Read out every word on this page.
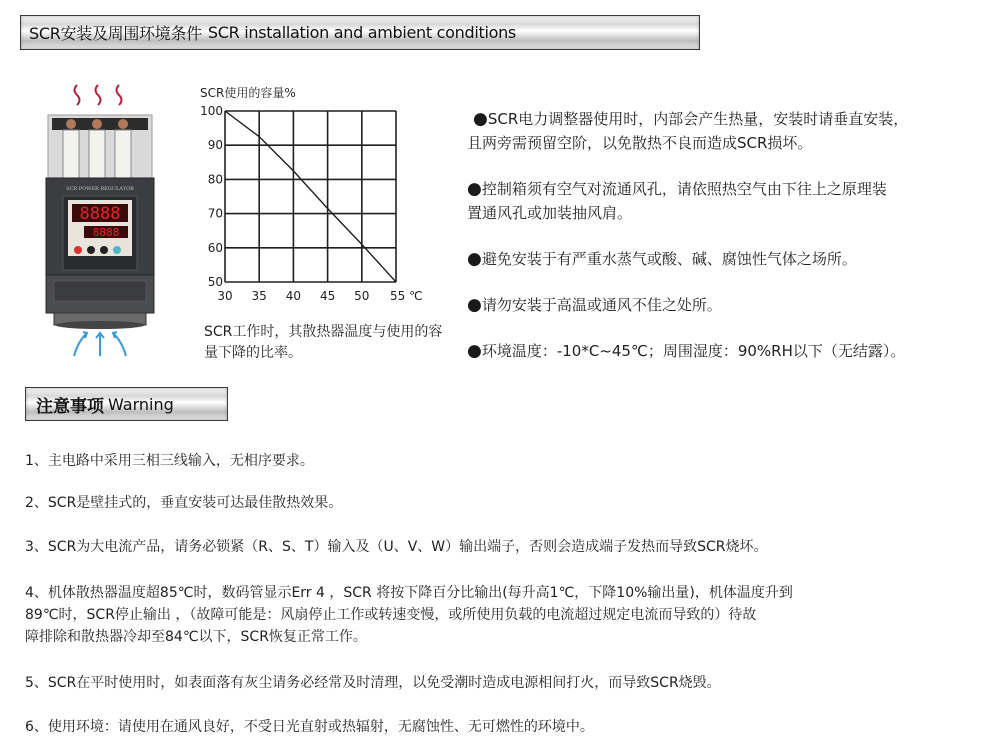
SCR安装及周围环境条件 SCR installation and ambient conditions
SCR POWER REGULATOR
8888
8888
SCR使用的容量%
100
90
80
70
60
50
30 35 40 45 50 55 ℃
SCR工作时，其散热器温度与使用的容量下降的比率。
●SCR电力调整器使用时，内部会产生热量，安装时请垂直安装，
且两旁需预留空阶，以免散热不良而造成SCR损坏。
●控制箱须有空气对流通风孔，请依照热空气由下往上之原理装
置通风孔或加装抽风肩。
●避免安装于有严重水蒸气或酸、碱、腐蚀性气体之场所。
●请勿安装于高温或通风不佳之处所。
●环境温度：-10*C~45℃；周围湿度：90%RH以下（无结露）。
注意事项 Warning
1、主电路中采用三相三线输入，无相序要求。
2、SCR是壁挂式的，垂直安装可达最佳散热效果。
3、SCR为大电流产品，请务必锁紧（R、S、T）输入及（U、V、W）输出端子，否则会造成端子发热而导致SCR烧坏。
4、机体散热器温度超85℃时，数码管显示Err 4 ，SCR 将按下降百分比输出(每升高1℃，下降10%输出量)，机体温度升到
89℃时，SCR停止输出 ，（故障可能是：风扇停止工作或转速变慢，或所使用负载的电流超过规定电流而导致的）待故
障排除和散热器冷却至84℃以下，SCR恢复正常工作。
5、SCR在平时使用时，如表面落有灰尘请务必经常及时清理，以免受潮时造成电源相间打火，而导致SCR烧毁。
6、使用环境：请使用在通风良好，不受日光直射或热辐射，无腐蚀性、无可燃性的环境中。
